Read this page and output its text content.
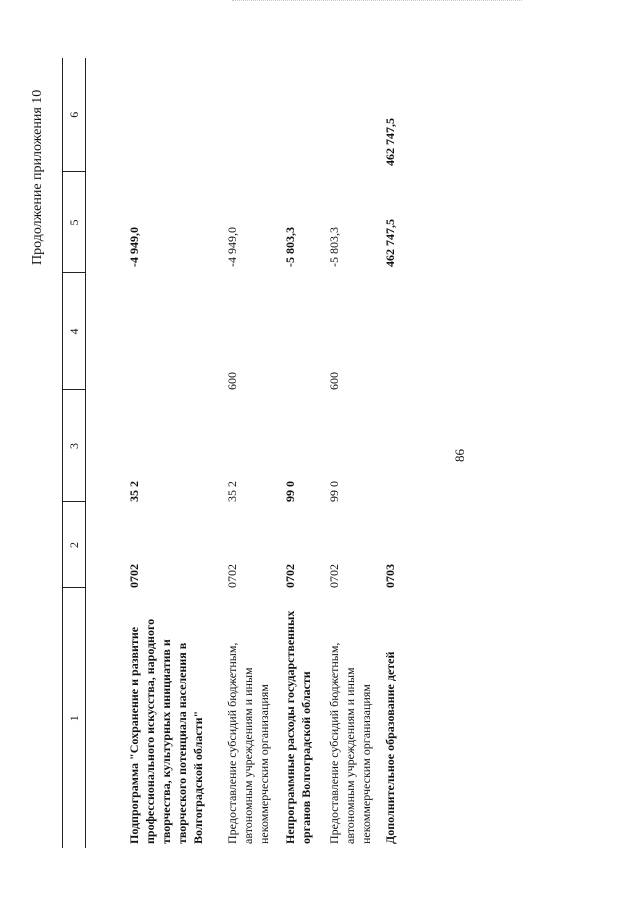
86
Продолжение приложения 10
1	2	3	4	5	6
Подпрограмма "Сохранение и развитие профессионального искусства, народного творчества, культурных инициатив и творческого потенциала населения в Волгоградской области"	0702	35 2		-4 949,0	
Предоставление субсидий бюджетным, автономным учреждениям и иным некоммерческим организациям	0702	35 2	600	-4 949,0	
Непрограммные расходы государственных органов Волгоградской области	0702	99 0		-5 803,3	
Предоставление субсидий бюджетным, автономным учреждениям и иным некоммерческим организациям	0702	99 0	600	-5 803,3	
Дополнительное образование детей	0703			462 747,5	462 747,5
